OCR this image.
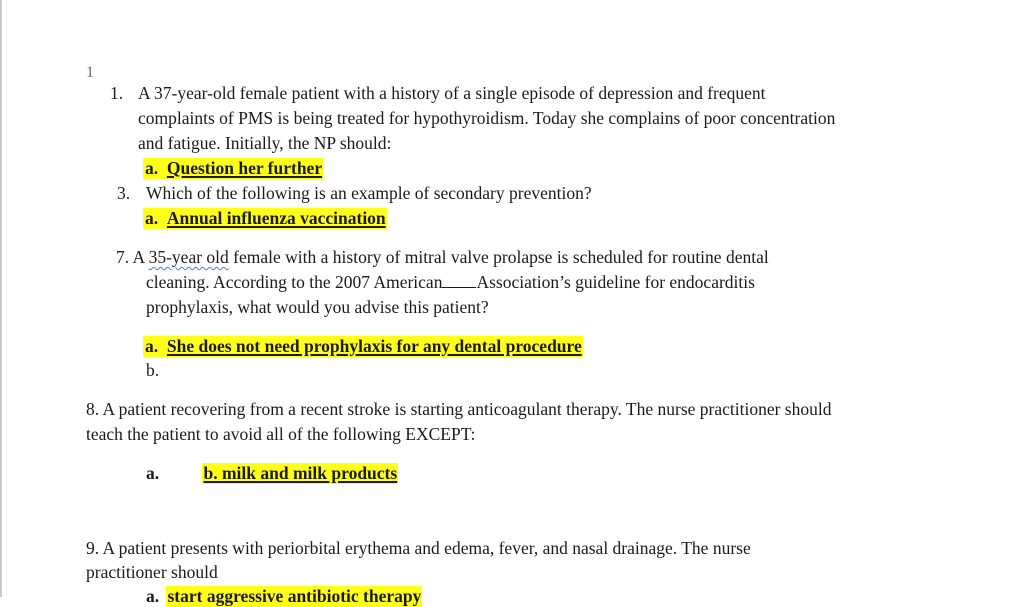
1
1. A 37-year-old female patient with a history of a single episode of depression and frequent
complaints of PMS is being treated for hypothyroidism. Today she complains of poor concentration
and fatigue. Initially, the NP should:
a. Question her further
3. Which of the following is an example of secondary prevention?
a. Annual influenza vaccination
7. A 35-year old female with a history of mitral valve prolapse is scheduled for routine dental
cleaning. According to the 2007 American Association’s guideline for endocarditis
prophylaxis, what would you advise this patient?
a. She does not need prophylaxis for any dental procedure
b.
8. A patient recovering from a recent stroke is starting anticoagulant therapy. The nurse practitioner should
teach the patient to avoid all of the following EXCEPT:
a.	b. milk and milk products
9. A patient presents with periorbital erythema and edema, fever, and nasal drainage. The nurse
practitioner should
a. start aggressive antibiotic therapy
